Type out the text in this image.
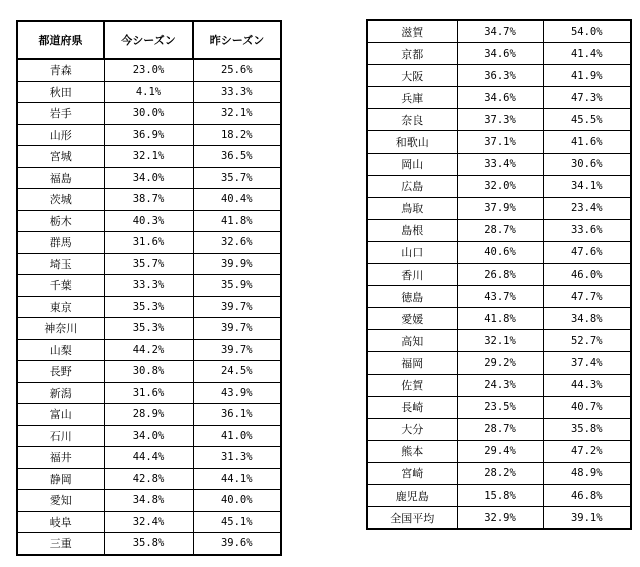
都道府県	今シーズン	昨シーズン
青森	23.0%	25.6%
秋田	4.1%	33.3%
岩手	30.0%	32.1%
山形	36.9%	18.2%
宮城	32.1%	36.5%
福島	34.0%	35.7%
茨城	38.7%	40.4%
栃木	40.3%	41.8%
群馬	31.6%	32.6%
埼玉	35.7%	39.9%
千葉	33.3%	35.9%
東京	35.3%	39.7%
神奈川	35.3%	39.7%
山梨	44.2%	39.7%
長野	30.8%	24.5%
新潟	31.6%	43.9%
富山	28.9%	36.1%
石川	34.0%	41.0%
福井	44.4%	31.3%
静岡	42.8%	44.1%
愛知	34.8%	40.0%
岐阜	32.4%	45.1%
三重	35.8%	39.6%
滋賀	34.7%	54.0%
京都	34.6%	41.4%
大阪	36.3%	41.9%
兵庫	34.6%	47.3%
奈良	37.3%	45.5%
和歌山	37.1%	41.6%
岡山	33.4%	30.6%
広島	32.0%	34.1%
鳥取	37.9%	23.4%
島根	28.7%	33.6%
山口	40.6%	47.6%
香川	26.8%	46.0%
徳島	43.7%	47.7%
愛媛	41.8%	34.8%
高知	32.1%	52.7%
福岡	29.2%	37.4%
佐賀	24.3%	44.3%
長崎	23.5%	40.7%
大分	28.7%	35.8%
熊本	29.4%	47.2%
宮崎	28.2%	48.9%
鹿児島	15.8%	46.8%
全国平均	32.9%	39.1%
